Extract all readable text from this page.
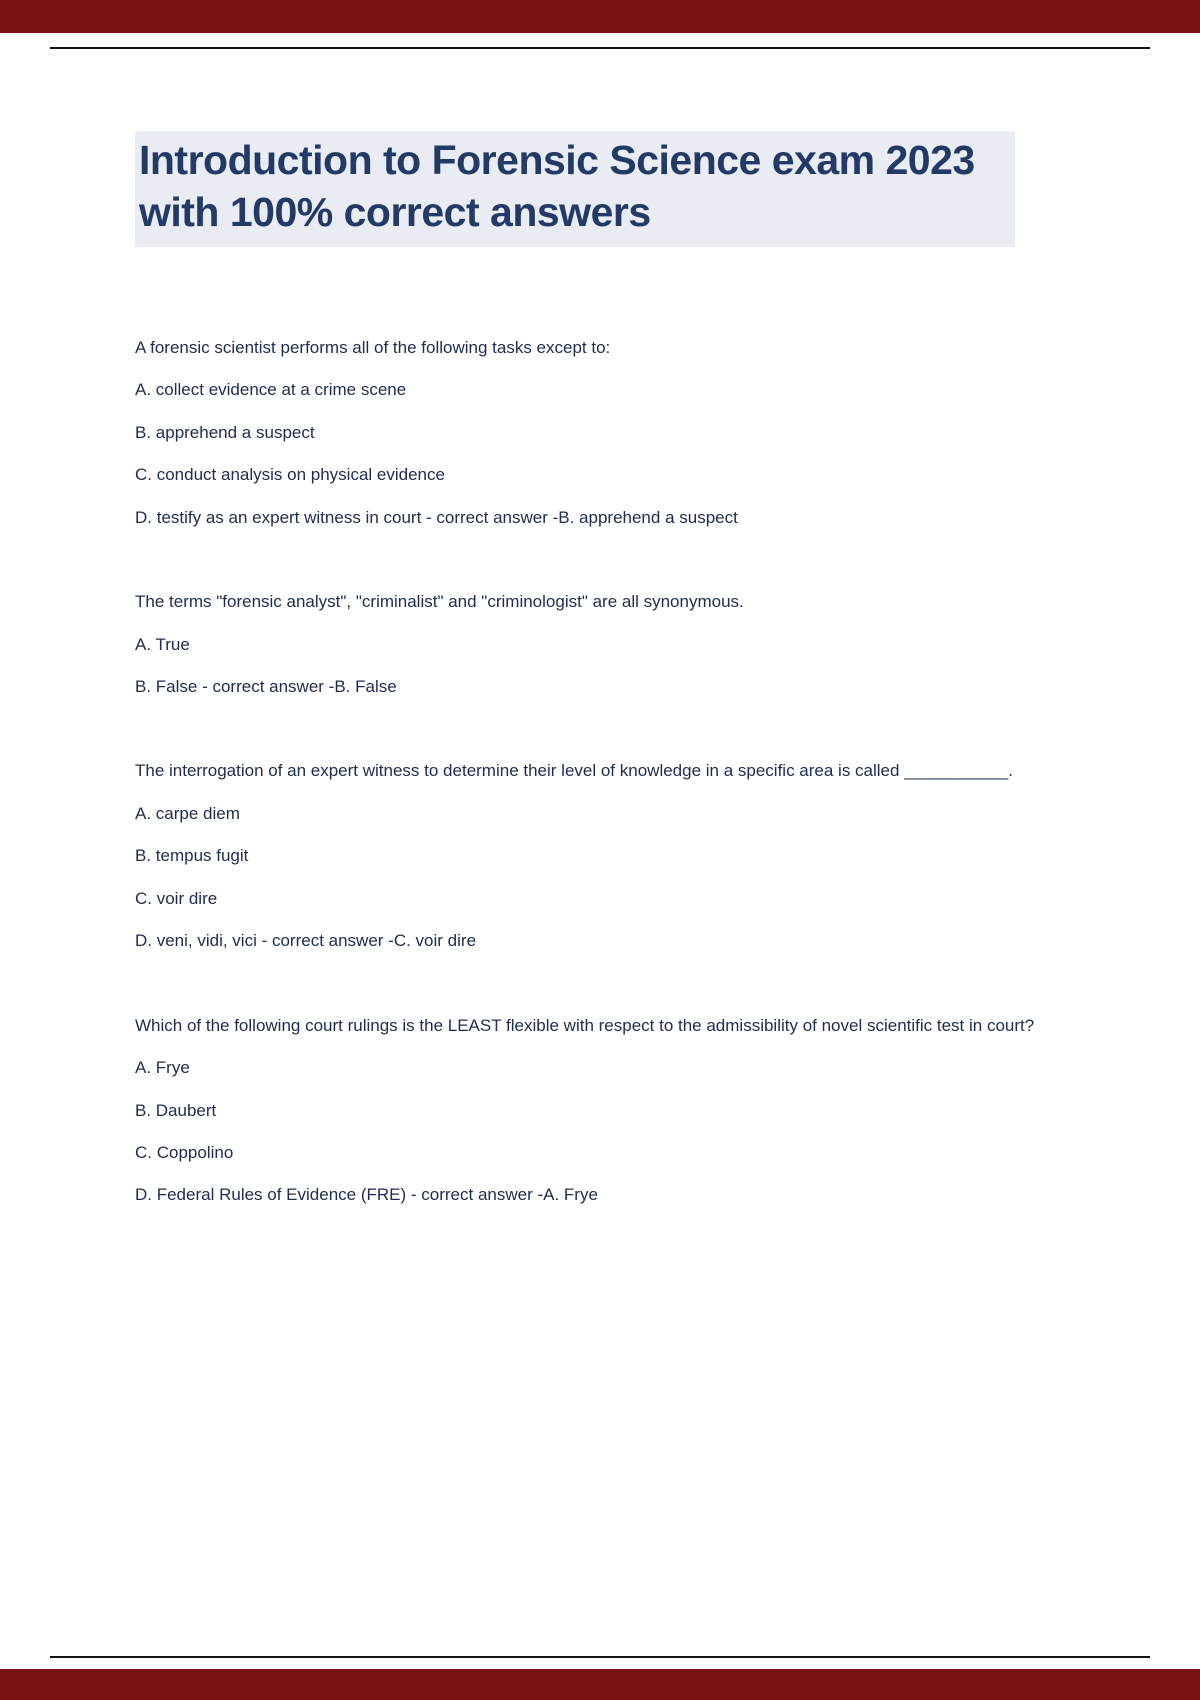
Introduction to Forensic Science exam 2023 with 100% correct answers

A forensic scientist performs all of the following tasks except to:

A. collect evidence at a crime scene

B. apprehend a suspect

C. conduct analysis on physical evidence

D. testify as an expert witness in court - correct answer -B. apprehend a suspect

The terms "forensic analyst", "criminalist" and "criminologist" are all synonymous.

A. True

B. False - correct answer -B. False

The interrogation of an expert witness to determine their level of knowledge in a specific area is called ___________.

A. carpe diem

B. tempus fugit

C. voir dire

D. veni, vidi, vici - correct answer -C. voir dire

Which of the following court rulings is the LEAST flexible with respect to the admissibility of novel scientific test in court?

A. Frye

B. Daubert

C. Coppolino

D. Federal Rules of Evidence (FRE) - correct answer -A. Frye
